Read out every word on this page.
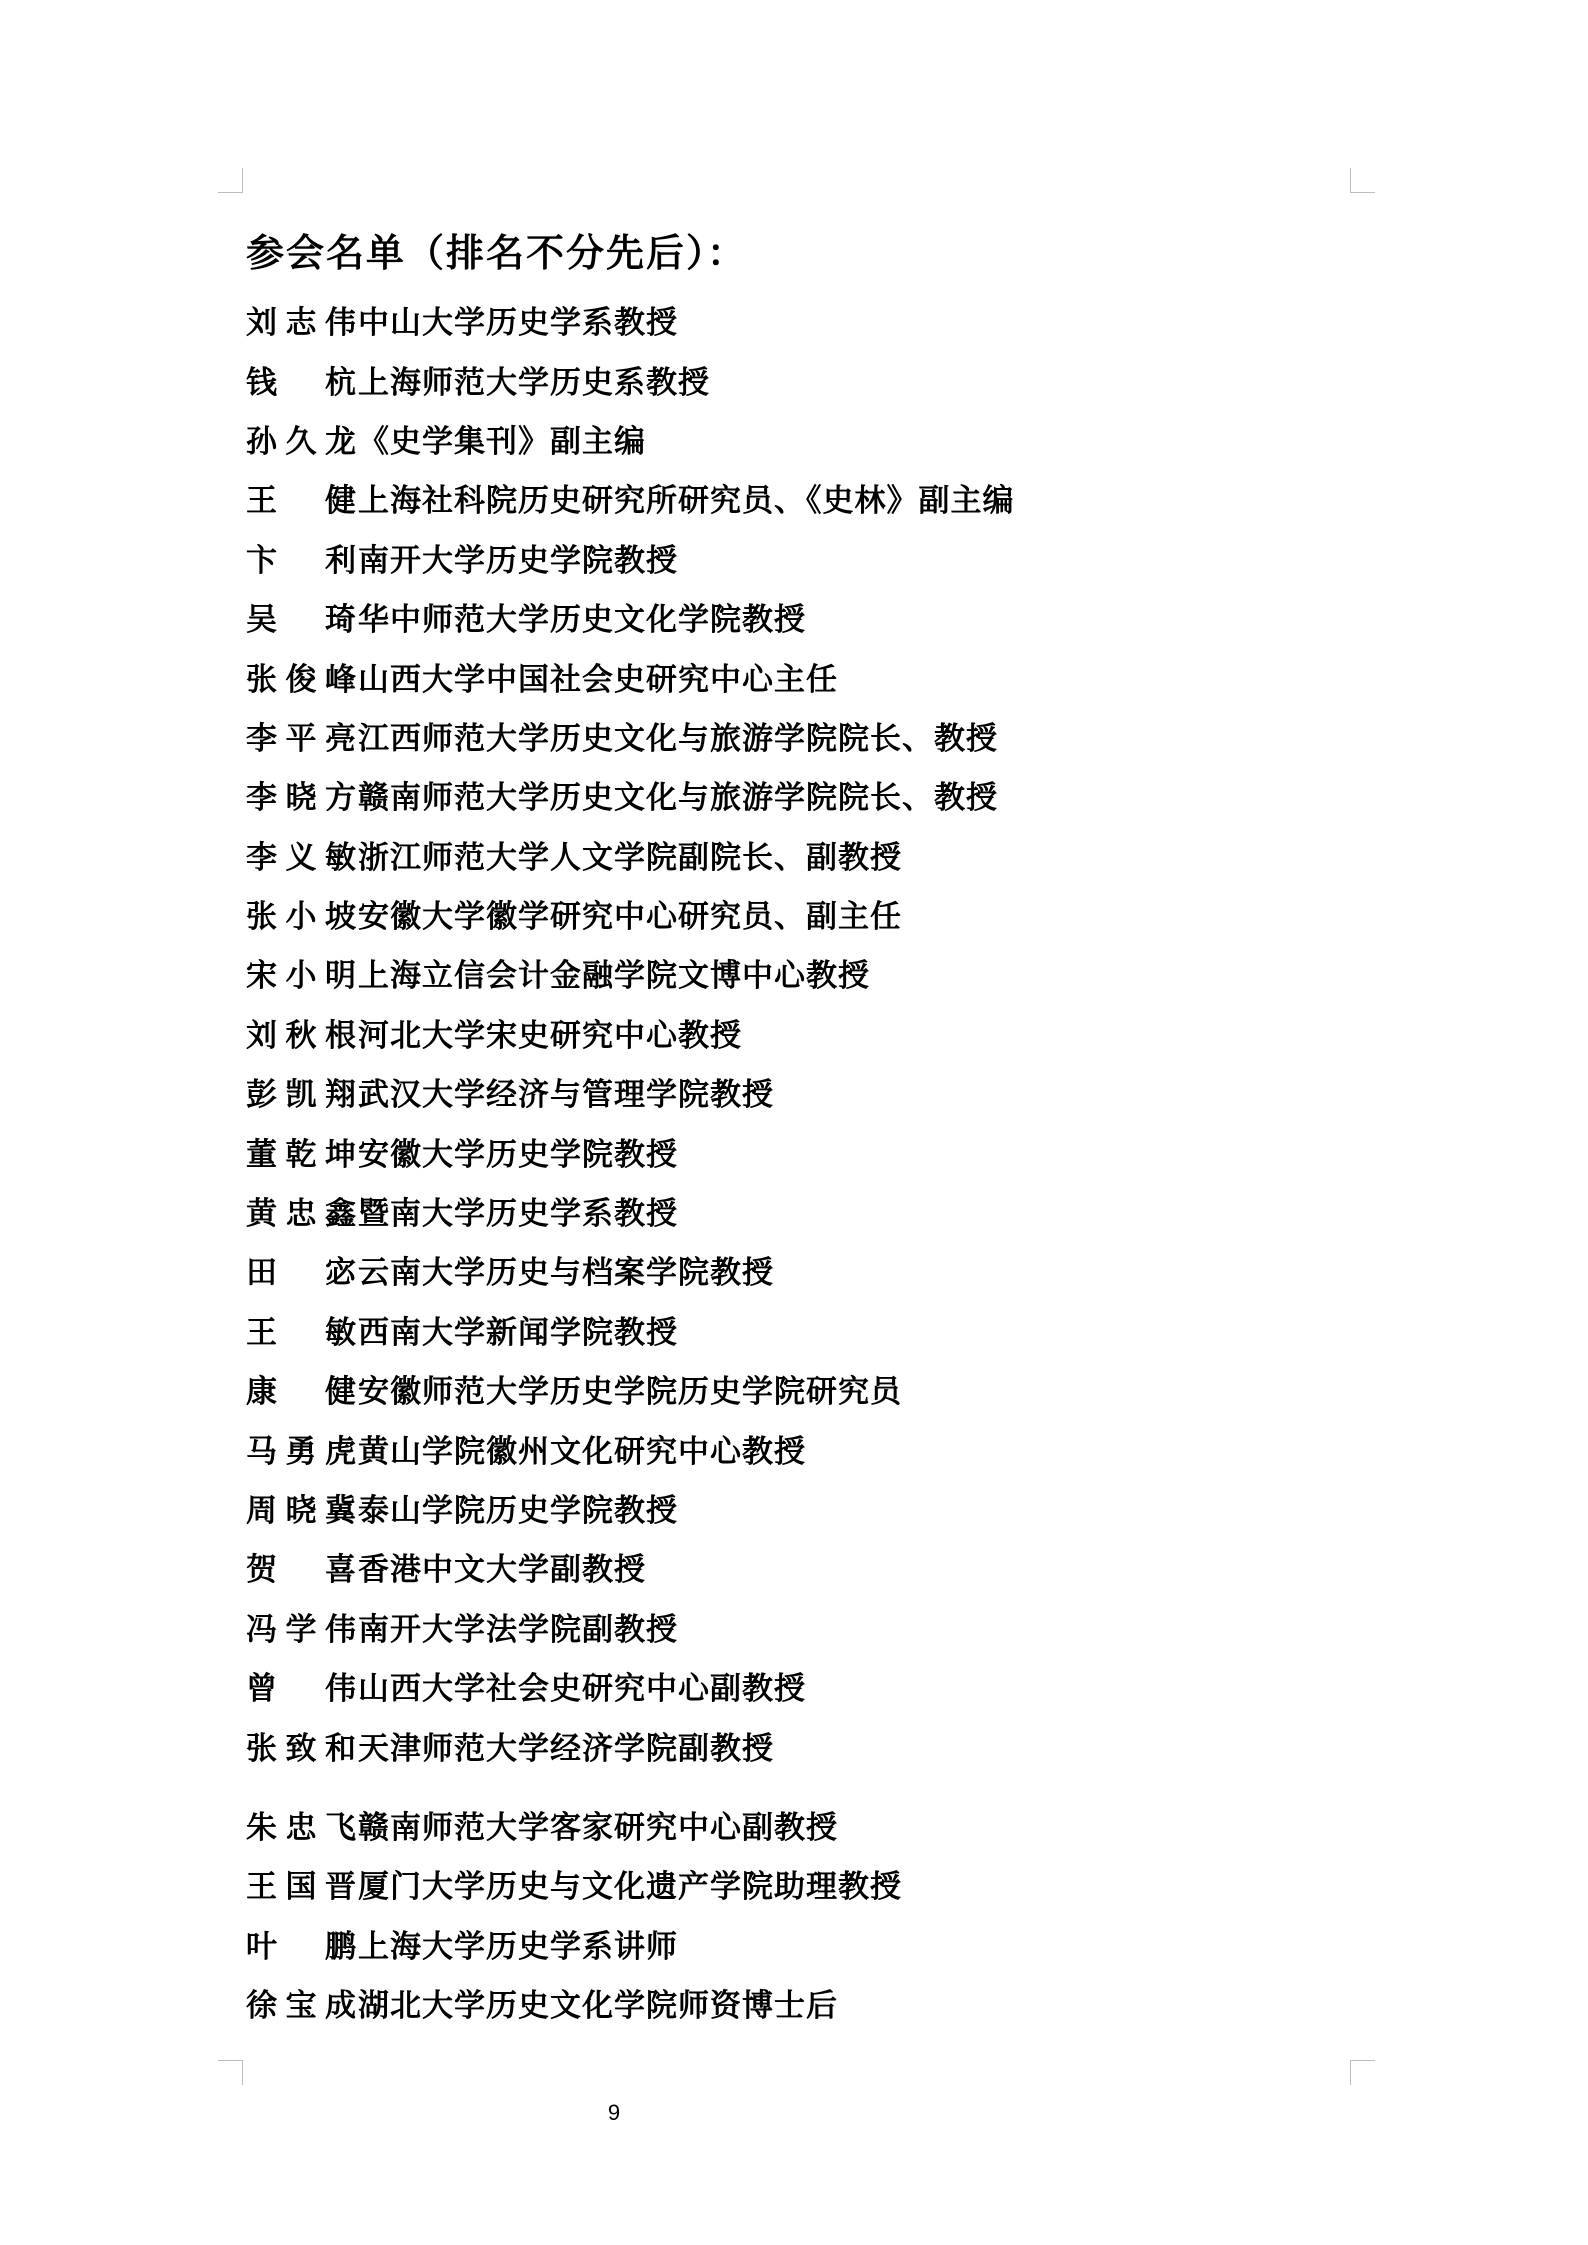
参会名单（排名不分先后）：
刘志伟 中山大学历史学系教授
钱　杭 上海师范大学历史系教授
孙久龙 《史学集刊》副主编
王　健 上海社科院历史研究所研究员、《史林》副主编
卞　利 南开大学历史学院教授
吴　琦 华中师范大学历史文化学院教授
张俊峰 山西大学中国社会史研究中心主任
李平亮 江西师范大学历史文化与旅游学院院长、教授
李晓方 赣南师范大学历史文化与旅游学院院长、教授
李义敏 浙江师范大学人文学院副院长、副教授
张小坡 安徽大学徽学研究中心研究员、副主任
宋小明 上海立信会计金融学院文博中心教授
刘秋根 河北大学宋史研究中心教授
彭凯翔 武汉大学经济与管理学院教授
董乾坤 安徽大学历史学院教授
黄忠鑫 暨南大学历史学系教授
田　宓 云南大学历史与档案学院教授
王　敏 西南大学新闻学院教授
康　健 安徽师范大学历史学院历史学院研究员
马勇虎 黄山学院徽州文化研究中心教授
周晓冀 泰山学院历史学院教授
贺　喜 香港中文大学副教授
冯学伟 南开大学法学院副教授
曾　伟 山西大学社会史研究中心副教授
张致和 天津师范大学经济学院副教授
朱忠飞 赣南师范大学客家研究中心副教授
王国晋 厦门大学历史与文化遗产学院助理教授
叶　鹏 上海大学历史学系讲师
徐宝成 湖北大学历史文化学院师资博士后
9
